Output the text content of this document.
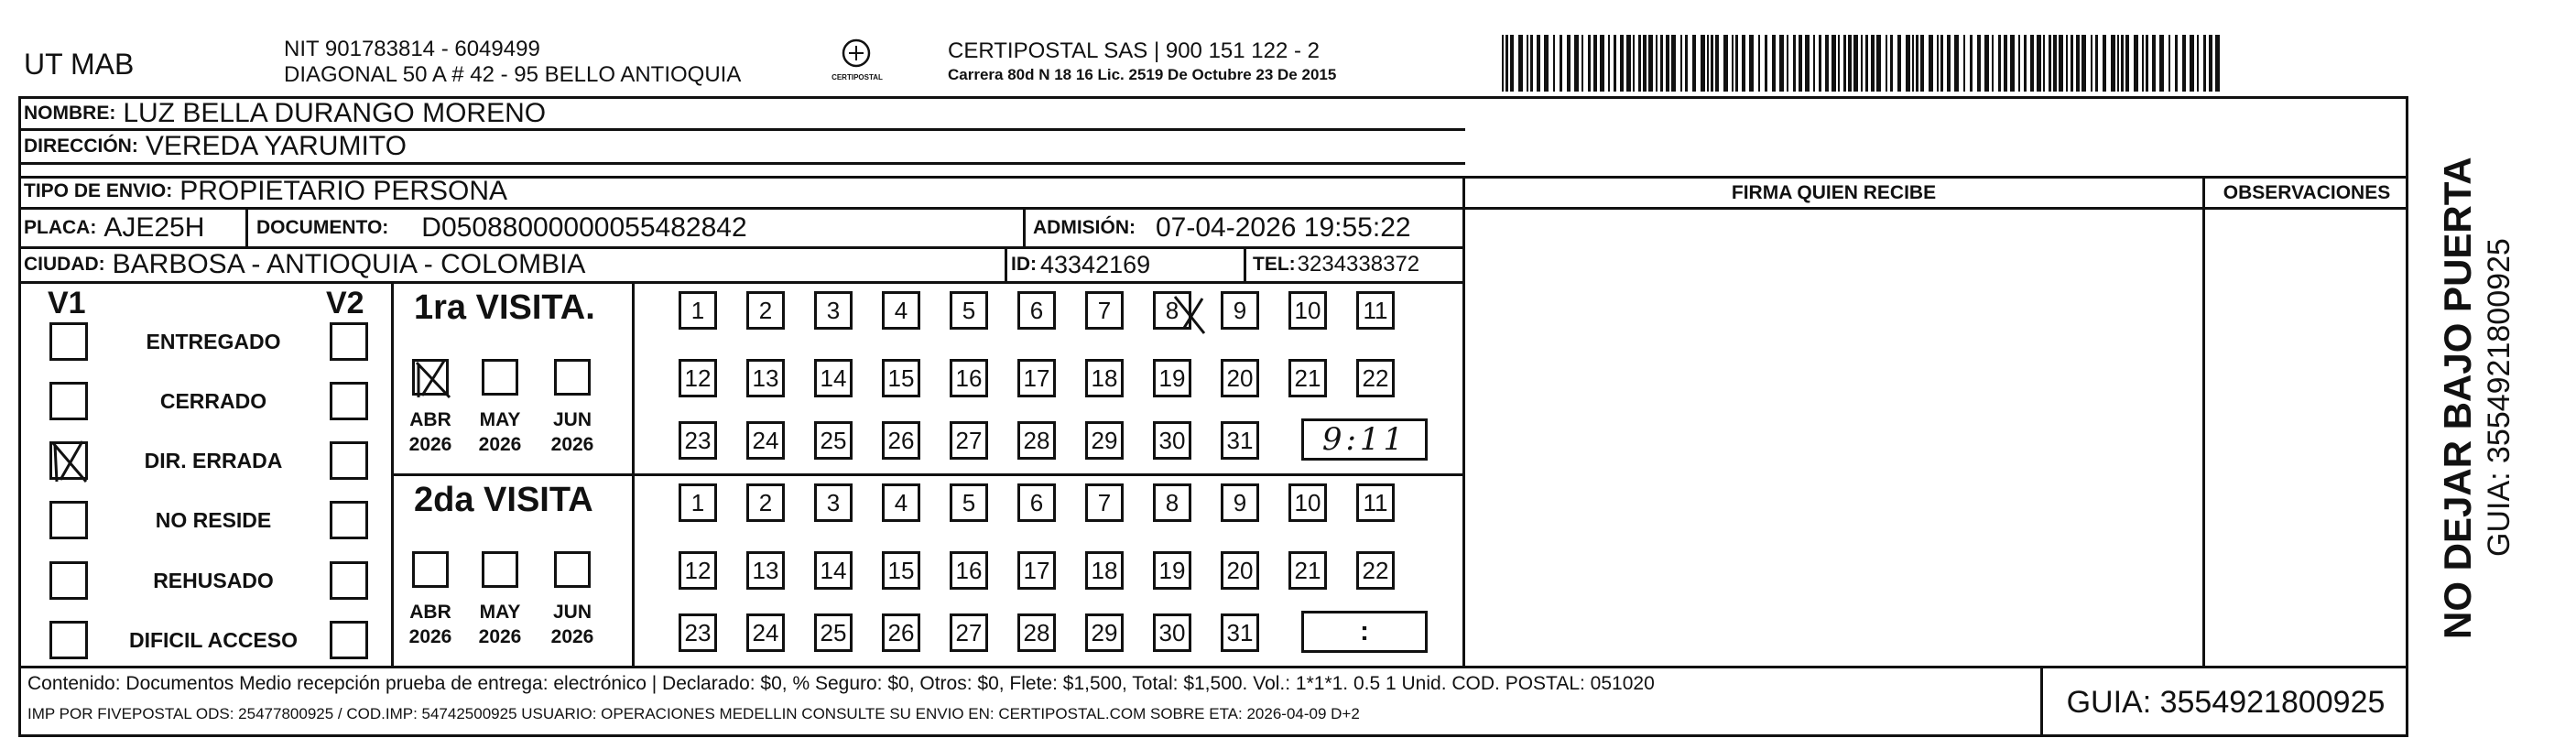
UT MAB	NIT 901783814 - 6049499
DIAGONAL 50 A # 42 - 95 BELLO ANTIOQUIA	CERTIPOSTAL
CERTIPOSTAL SAS | 900 151 122 - 2
Carrera 80d N 18 16 Lic. 2519 De Octubre 23 De 2015
NOMBRE: LUZ BELLA DURANGO MORENO
DIRECCIÓN: VEREDA YARUMITO
TIPO DE ENVIO: PROPIETARIO PERSONA
PLACA: AJE25H	DOCUMENTO: D05088000000055482842	ADMISIÓN: 07-04-2026 19:55:22
CIUDAD: BARBOSA - ANTIOQUIA - COLOMBIA	ID: 43342169	TEL: 3234338372
FIRMA QUIEN RECIBE	OBSERVACIONES
V1	V2
ENTREGADO
CERRADO
DIR. ERRADA
NO RESIDE
REHUSADO
DIFICIL ACCESO
1ra VISITA.
2da VISITA
ABR
2026
MAY
2026
JUN
2026
ABR
2026
MAY
2026
JUN
2026
1	2	3	4	5	6	7	8	9	10 11
1	2	3	4	5	6	7	8	9	10 11
12 13 14 15 16 17 18 19 20 21 22
12 13 14 15 16 17 18 19 20 21 22
23 24 25 26 27 28 29 30 31
23 24 25 26 27 28 29 30 31
9:11
:
Contenido: Documentos Medio recepción prueba de entrega: electrónico | Declarado: $0, % Seguro: $0, Otros: $0, Flete: $1,500, Total: $1,500. Vol.: 1*1*1. 0.5 1 Unid. COD. POSTAL: 051020
IMP POR FIVEPOSTAL ODS: 25477800925 / COD.IMP: 54742500925 USUARIO: OPERACIONES MEDELLIN CONSULTE SU ENVIO EN: CERTIPOSTAL.COM SOBRE ETA: 2026-04-09 D+2	GUIA: 3554921800925
NO DEJAR BAJO PUERTA GUIA: 3554921800925
